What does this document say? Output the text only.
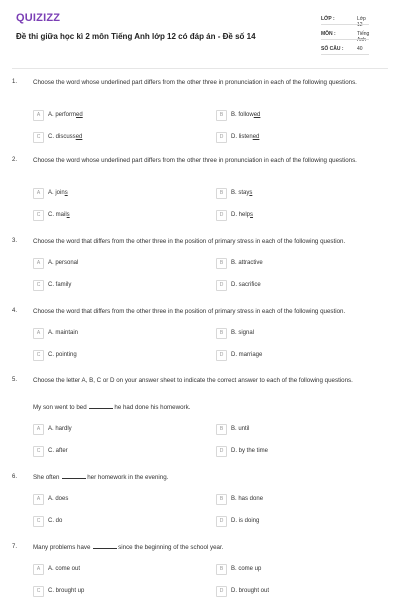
QUIZIZZ
Đề thi giữa học kì 2 môn Tiếng Anh lớp 12 có đáp án - Đề số 14
LỚP :	Lớp 12
MÔN :	Tiếng Anh
SỐ CÂU :	40
1.	Choose the word whose underlined part differs from the other three in pronunciation in each of the following questions.
A	A. performed	B	B. followed
C	C. discussed	D	D. listened
2.	Choose the word whose underlined part differs from the other three in pronunciation in each of the following questions.
A	A. joins	B	B. stays
C	C. mails	D	D. helps
3.	Choose the word that differs from the other three in the position of primary stress in each of the following question.
A	A. personal	B	B. attractive
C	C. family	D	D. sacrifice
4.	Choose the word that differs from the other three in the position of primary stress in each of the following question.
A	A. maintain	B	B. signal
C	C. pointing	D	D. marriage
5.	Choose the letter A, B, C or D on your answer sheet to indicate the correct answer to each of the following questions.
My son went to bed	he had done his homework.
A	A. hardly	B	B. until
C	C. after	D	D. by the time
6.	She often	her homework in the evening.
A	A. does	B	B. has done
C	C. do	D	D. is doing
7.	Many problems have	since the beginning of the school year.
A	A. come out	B	B. come up
C	C. brought up	D	D. brought out
